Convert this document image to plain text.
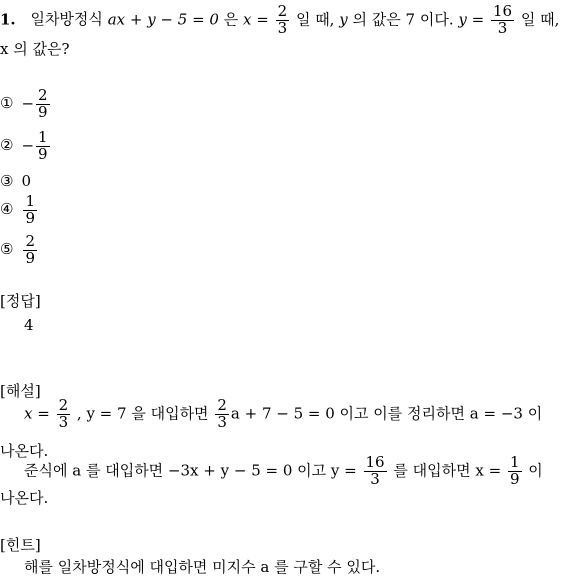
1. 일차방정식 ax + y − 5 = 0 은 $x = \frac{2}{3}$ 일 때, y 의 값은 7 이다. $y = \frac{16}{3}$ 일 때,
x 의 값은?
① − $\frac{2}{9}$
② − $\frac{1}{9}$
③ 0
④ $\frac{1}{9}$
⑤ $\frac{2}{9}$
[정답]
4
[해설]
$x = \frac{2}{3}$ , y = 7 을 대입하면 $\frac{2}{3}$ a + 7 − 5 = 0 이고 이를 정리하면 a = −3 이
나온다.
준식에 a 를 대입하면 −3x + y − 5 = 0 이고 $y = \frac{16}{3}$ 를 대입하면 $x = \frac{1}{9}$ 이
나온다.
[힌트]
해를 일차방정식에 대입하면 미지수 a 를 구할 수 있다.
